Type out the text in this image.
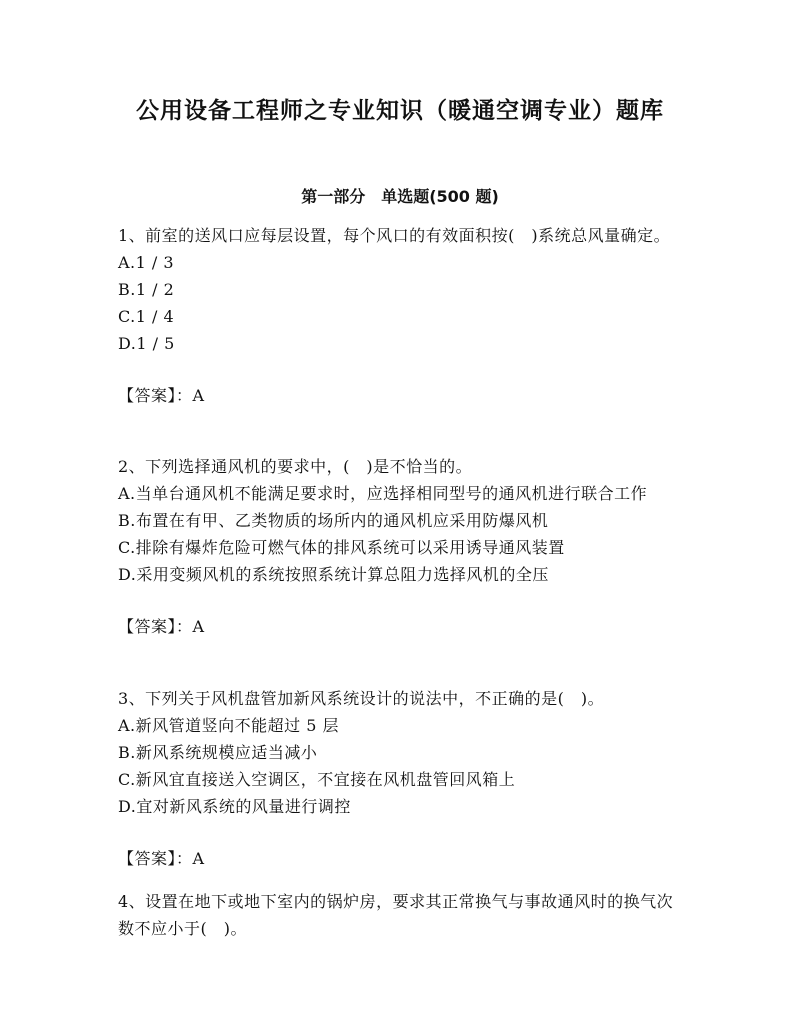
公用设备工程师之专业知识（暖通空调专业）题库
第一部分　单选题(500 题)

1、前室的送风口应每层设置，每个风口的有效面积按(　)系统总风量确定。

A.1 / 3

B.1 / 2

C.1 / 4

D.1 / 5

【答案】：A

2、下列选择通风机的要求中，(　)是不恰当的。

A.当单台通风机不能满足要求时，应选择相同型号的通风机进行联合工作

B.布置在有甲、乙类物质的场所内的通风机应采用防爆风机

C.排除有爆炸危险可燃气体的排风系统可以采用诱导通风装置

D.采用变频风机的系统按照系统计算总阻力选择风机的全压

【答案】：A

3、下列关于风机盘管加新风系统设计的说法中，不正确的是(　)。

A.新风管道竖向不能超过 5 层

B.新风系统规模应适当减小

C.新风宜直接送入空调区，不宜接在风机盘管回风箱上

D.宜对新风系统的风量进行调控

【答案】：A

4、设置在地下或地下室内的锅炉房，要求其正常换气与事故通风时的换气次数不应小于(　)。
